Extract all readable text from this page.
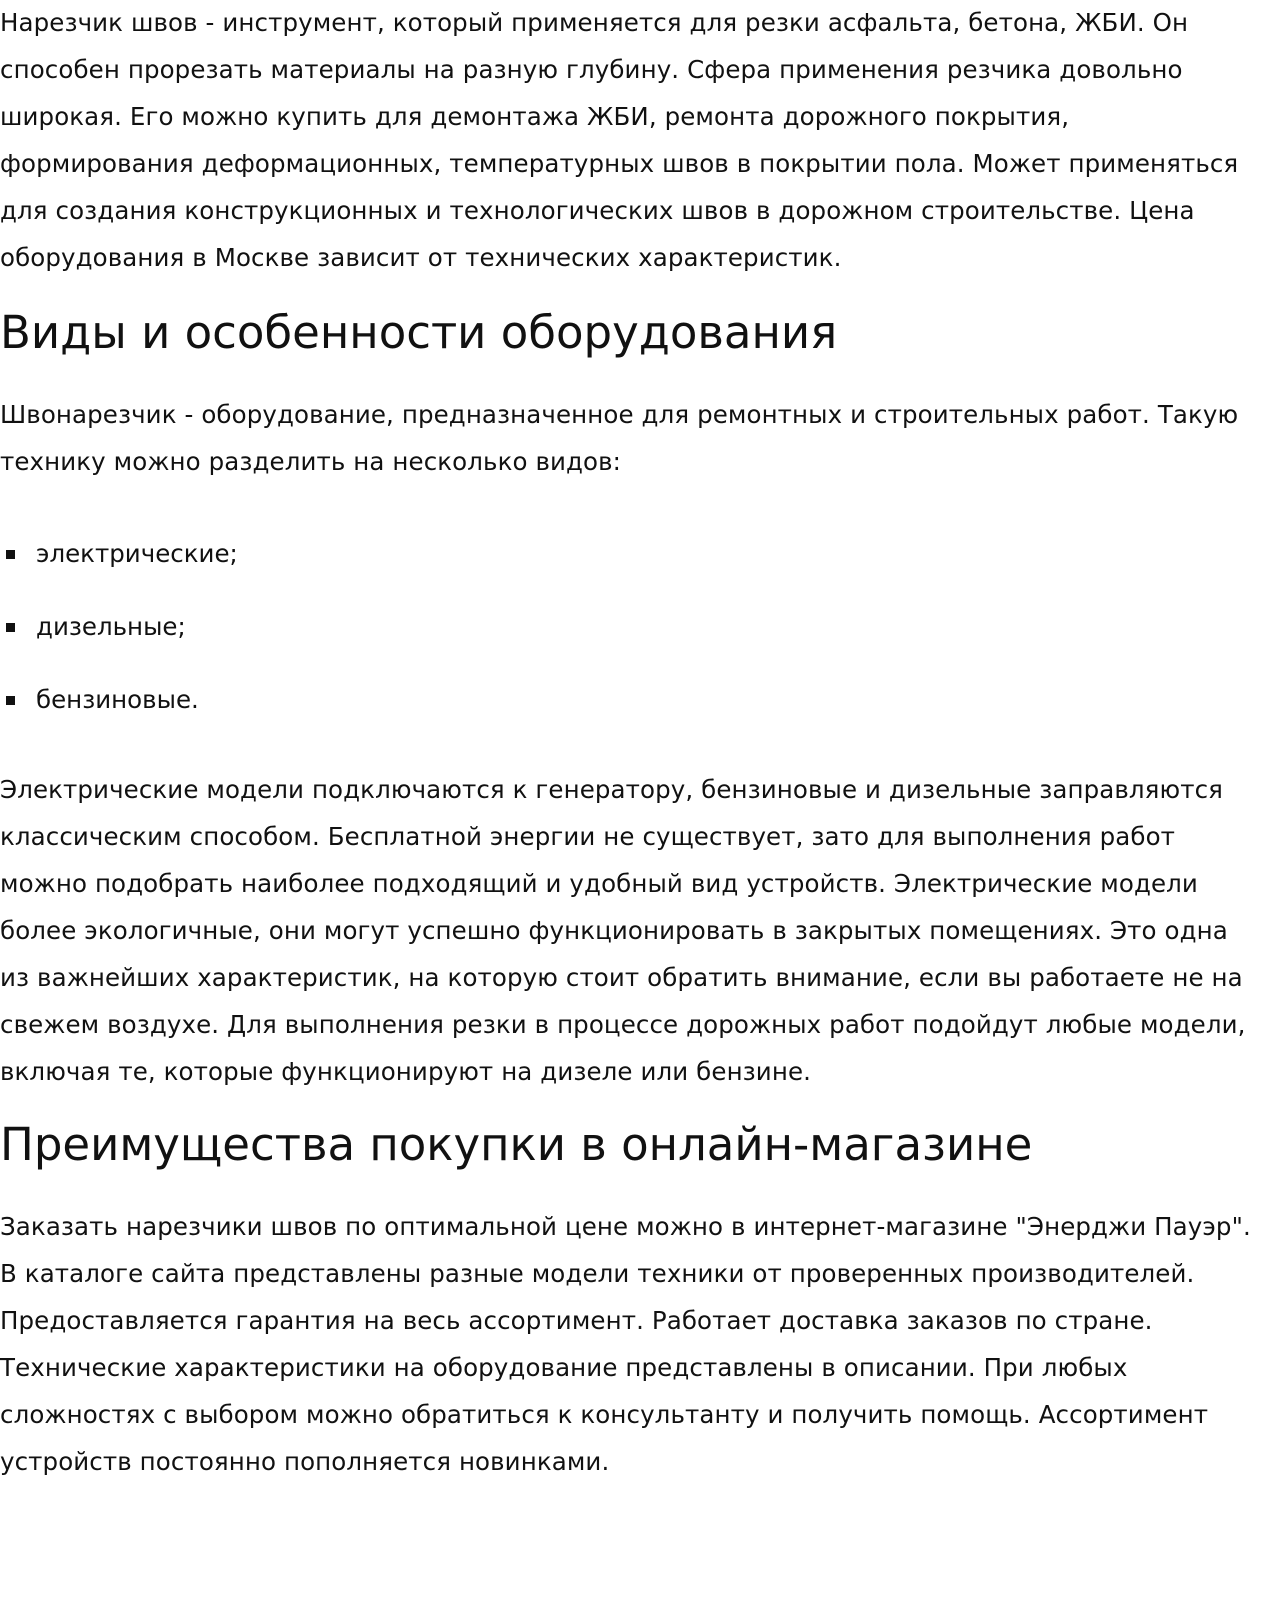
Нарезчик швов - инструмент, который применяется для резки асфальта, бетона, ЖБИ. Он способен прорезать материалы на разную глубину. Сфера применения резчика довольно широкая. Его можно купить для демонтажа ЖБИ, ремонта дорожного покрытия, формирования деформационных, температурных швов в покрытии пола. Может применяться для создания конструкционных и технологических швов в дорожном строительстве. Цена оборудования в Москве зависит от технических характеристик.

Виды и особенности оборудования

Швонарезчик - оборудование, предназначенное для ремонтных и строительных работ. Такую технику можно разделить на несколько видов:

электрические;
дизельные;
бензиновые.

Электрические модели подключаются к генератору, бензиновые и дизельные заправляются классическим способом. Бесплатной энергии не существует, зато для выполнения работ можно подобрать наиболее подходящий и удобный вид устройств. Электрические модели более экологичные, они могут успешно функционировать в закрытых помещениях. Это одна из важнейших характеристик, на которую стоит обратить внимание, если вы работаете не на свежем воздухе. Для выполнения резки в процессе дорожных работ подойдут любые модели, включая те, которые функционируют на дизеле или бензине.

Преимущества покупки в онлайн-магазине

Заказать нарезчики швов по оптимальной цене можно в интернет-магазине "Энерджи Пауэр". В каталоге сайта представлены разные модели техники от проверенных производителей. Предоставляется гарантия на весь ассортимент. Работает доставка заказов по стране. Технические характеристики на оборудование представлены в описании. При любых сложностях с выбором можно обратиться к консультанту и получить помощь. Ассортимент устройств постоянно пополняется новинками.
